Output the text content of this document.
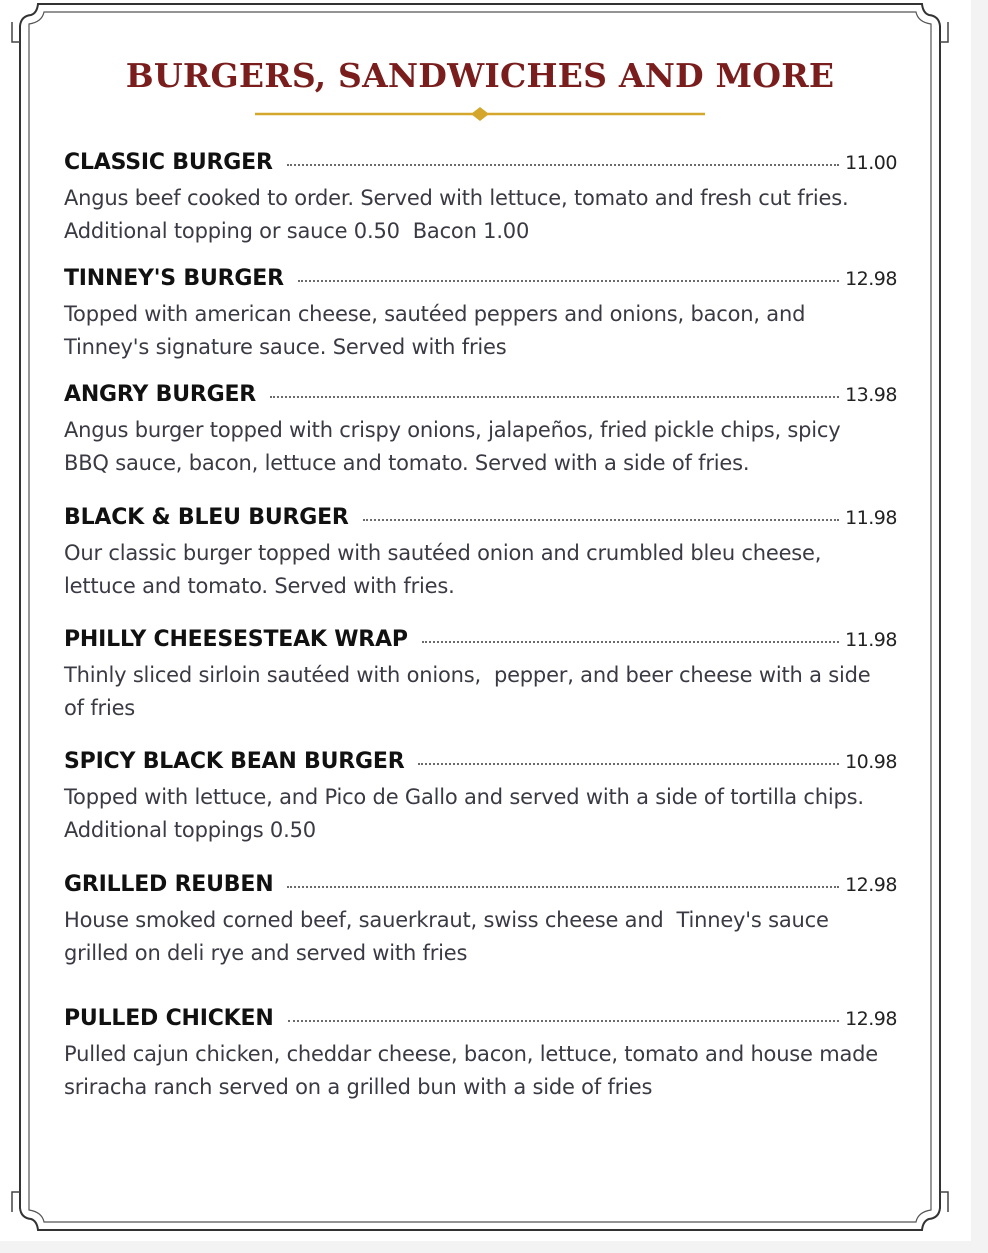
BURGERS, SANDWICHES AND MORE
CLASSIC BURGER	11.00
Angus beef cooked to order. Served with lettuce, tomato and fresh cut fries.   Additional topping or sauce 0.50  Bacon 1.00
TINNEY'S BURGER	12.98
Topped with american cheese, sautéed peppers and onions, bacon, and Tinney's signature sauce. Served with fries
ANGRY BURGER	13.98
Angus burger topped with crispy onions, jalapeños, fried pickle chips, spicy BBQ sauce, bacon, lettuce and tomato. Served with a side of fries.
BLACK & BLEU BURGER	11.98
Our classic burger topped with sautéed onion and crumbled bleu cheese, lettuce and tomato. Served with fries.
PHILLY CHEESESTEAK WRAP	11.98
Thinly sliced sirloin sautéed with onions,  pepper, and beer cheese with a side of fries
SPICY BLACK BEAN BURGER	10.98
Topped with lettuce, and Pico de Gallo and served with a side of tortilla chips. Additional toppings 0.50
GRILLED REUBEN	12.98
House smoked corned beef, sauerkraut, swiss cheese and  Tinney's sauce grilled on deli rye and served with fries
PULLED CHICKEN	12.98
Pulled cajun chicken, cheddar cheese, bacon, lettuce, tomato and house made sriracha ranch served on a grilled bun with a side of fries
